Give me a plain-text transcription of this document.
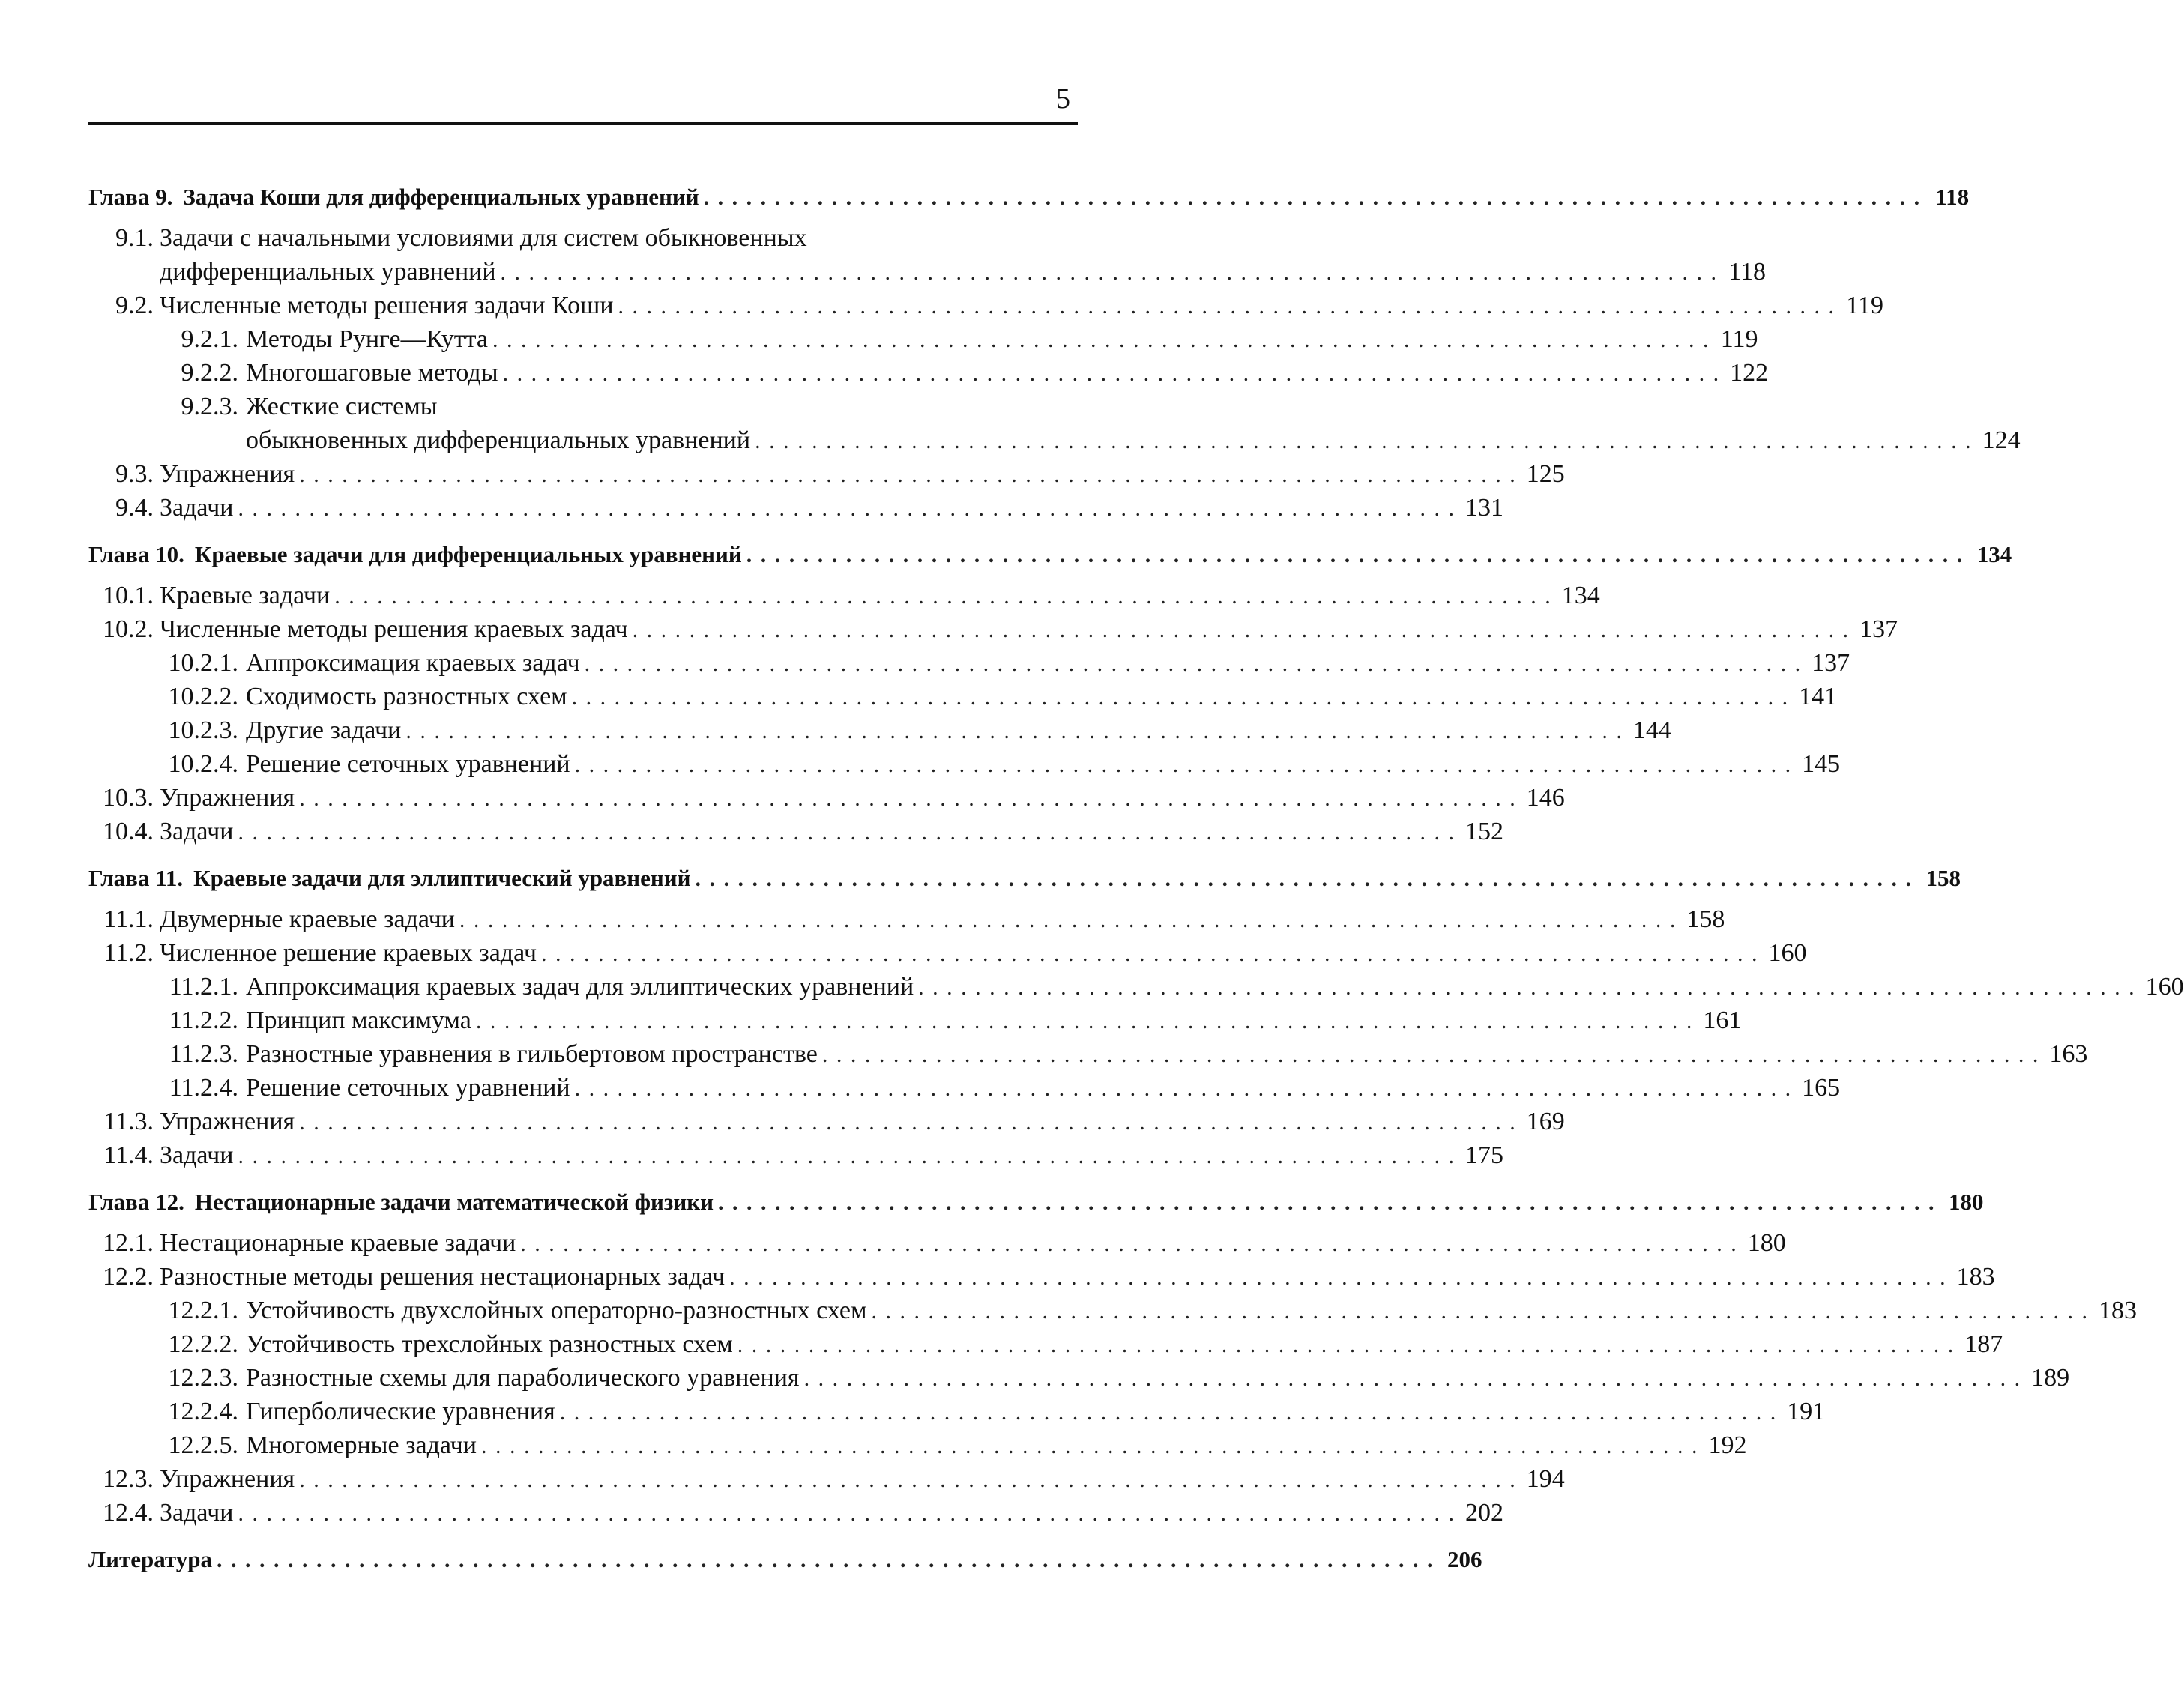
5
Глава 9. Задача Коши для дифференциальных уравнений . . .	118
9.1. Задачи с начальными условиями для систем обыкновенных
дифференциальных уравнений . . .	118
9.2. Численные методы решения задачи Коши . . .	119
9.2.1. Методы Рунге—Кутта . . .	119
9.2.2. Многошаговые методы . . .	122
9.2.3. Жесткие системы
обыкновенных дифференциальных уравнений . . .	124
9.3. Упражнения . . .	125
9.4. Задачи . . .	131
Глава 10. Краевые задачи для дифференциальных уравнений . . .	134
10.1. Краевые задачи . . .	134
10.2. Численные методы решения краевых задач . . .	137
10.2.1. Аппроксимация краевых задач . . .	137
10.2.2. Сходимость разностных схем . . .	141
10.2.3. Другие задачи . . .	144
10.2.4. Решение сеточных уравнений . . .	145
10.3. Упражнения . . .	146
10.4. Задачи . . .	152
Глава 11. Краевые задачи для эллиптический уравнений . . .	158
11.1. Двумерные краевые задачи . . .	158
11.2. Численное решение краевых задач . . .	160
11.2.1. Аппроксимация краевых задач для эллиптических уравнений . . .	160
11.2.2. Принцип максимума . . .	161
11.2.3. Разностные уравнения в гильбертовом пространстве . . .	163
11.2.4. Решение сеточных уравнений . . .	165
11.3. Упражнения . . .	169
11.4. Задачи . . .	175
Глава 12. Нестационарные задачи математической физики . . .	180
12.1. Нестационарные краевые задачи . . .	180
12.2. Разностные методы решения нестационарных задач . . .	183
12.2.1. Устойчивость двухслойных операторно-разностных схем . . .	183
12.2.2. Устойчивость трехслойных разностных схем . . .	187
12.2.3. Разностные схемы для параболического уравнения . . .	189
12.2.4. Гиперболические уравнения . . .	191
12.2.5. Многомерные задачи . . .	192
12.3. Упражнения . . .	194
12.4. Задачи . . .	202
Литература . . .	206
